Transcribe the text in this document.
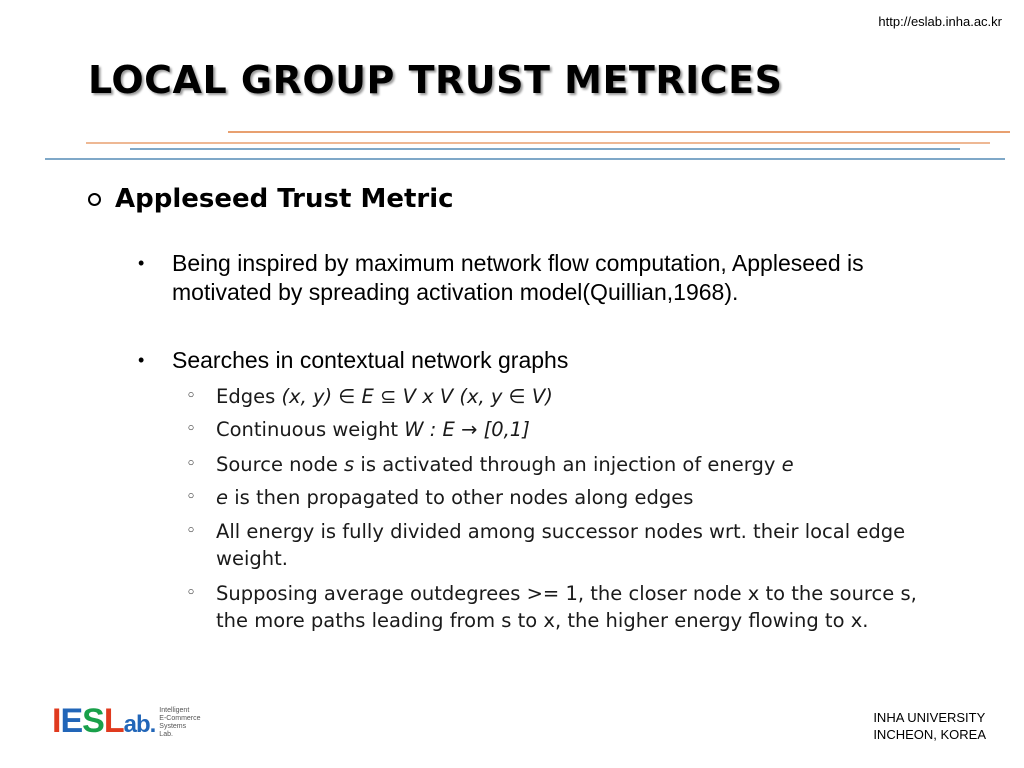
http://eslab.inha.ac.kr
LOCAL GROUP TRUST METRICES
Appleseed Trust Metric
• Being inspired by maximum network flow computation, Appleseed is motivated by spreading activation model(Quillian,1968).
• Searches in contextual network graphs
◦ Edges (x, y) ∈ E ⊆ V x V (x, y ∈ V)
◦ Continuous weight W : E → [0,1]
◦ Source node s is activated through an injection of energy e
◦ e is then propagated to other nodes along edges
◦ All energy is fully divided among successor nodes wrt. their local edge weight.
◦ Supposing average outdegrees >= 1, the closer node x to the source s, the more paths leading from s to x, the higher energy flowing to x.
IESLab.
Intelligent
E-Commerce
Systems
Lab.
INHA UNIVERSITY
INCHEON, KOREA
